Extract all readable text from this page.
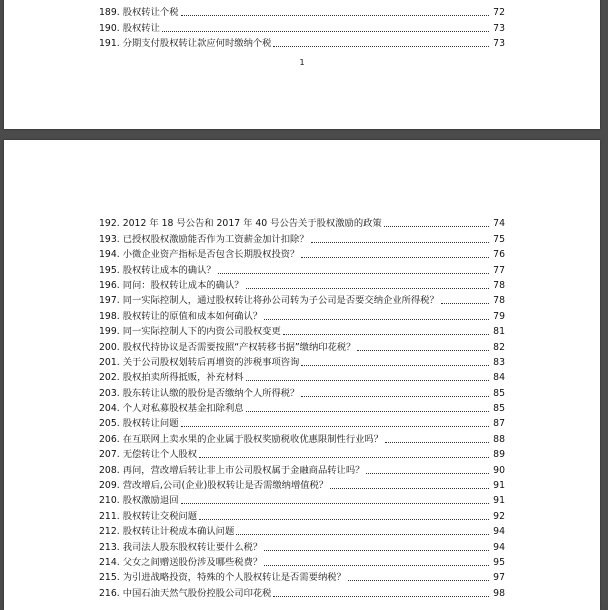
189. 股权转让个税	72
190. 股权转让	73
191. 分期支付股权转让款应何时缴纳个税	73
1
192. 2012 年 18 号公告和 2017 年 40 号公告关于股权激励的政策	74
193. 已授权股权激励能否作为工资薪金加计扣除？	75
194. 小微企业资产指标是否包含长期股权投资？	76
195. 股权转让成本的确认？	77
196. 同问：股权转让成本的确认？	78
197. 同一实际控制人，通过股权转让将孙公司转为子公司是否要交纳企业所得税？	78
198. 股权转让的原值和成本如何确认？	79
199. 同一实际控制人下的内资公司股权变更	81
200. 股权代持协议是否需要按照“产权转移书据”缴纳印花税？	82
201. 关于公司股权划转后再增资的涉税事项咨询	83
202. 股权拍卖所得抵贩，补充材料	84
203. 股东转让认缴的股份是否缴纳个人所得税？	85
204. 个人对私募股权基金扣除利息	85
205. 股权转让问题	87
206. 在互联网上卖水果的企业属于股权奖励税收优惠限制性行业吗？	88
207. 无偿转让个人股权	89
208. 再问，营改增后转让非上市公司股权属于金融商品转让吗？	90
209. 营改增后,公司(企业)股权转让是否需缴纳增值税？	91
210. 股权激励退回	91
211. 股权转让交税问题	92
212. 股权转让计税成本确认问题	94
213. 我司法人股东股权转让要什么税？	94
214. 父女之间赠送股份涉及哪些税费？	95
215. 为引进战略投资，特殊的个人股权转让是否需要纳税？	97
216. 中国石油天然气股份控股公司印花税	98
